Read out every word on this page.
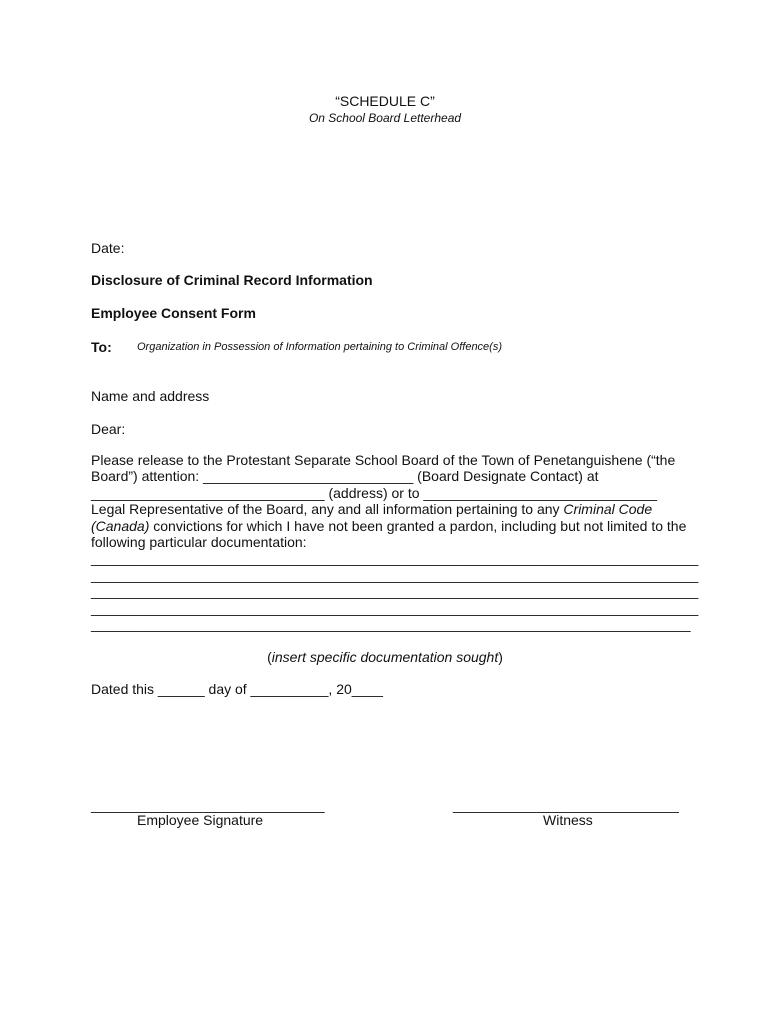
“SCHEDULE C”
On School Board Letterhead
Date:
Disclosure of Criminal Record Information
Employee Consent Form
To: Organization in Possession of Information pertaining to Criminal Offence(s)
Name and address
Dear:
Please release to the Protestant Separate School Board of the Town of Penetanguishene (“the
Board”) attention: ___________________________ (Board Designate Contact) at
______________________________ (address) or to ______________________________
Legal Representative of the Board, any and all information pertaining to any Criminal Code
(Canada) convictions for which I have not been granted a pardon, including but not limited to the
following particular documentation:
______________________________________________________________________________
______________________________________________________________________________
______________________________________________________________________________
______________________________________________________________________________
_____________________________________________________________________________
(insert specific documentation sought)
Dated this ______ day of __________, 20____
______________________________
Employee Signature
_____________________________
Witness
